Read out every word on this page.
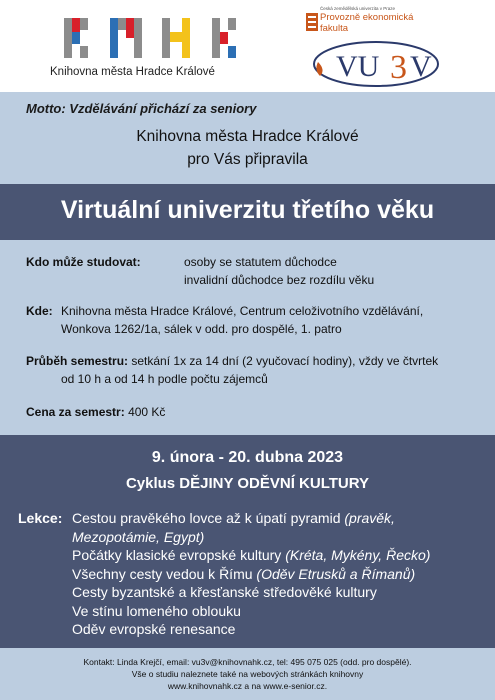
Knihovna města Hradce Králové
Česká zemědělská univerzita v Praze
Provozně ekonomická
fakulta
VU 3 V
Motto: Vzdělávání přichází za seniory
Knihovna města Hradce Králové
pro Vás připravila
Virtuální univerzitu třetího věku
Kdo může studovat:	osoby se statutem důchodce
invalidní důchodce bez rozdílu věku
Kde: Knihovna města Hradce Králové, Centrum celoživotního vzdělávání,
Wonkova 1262/1a, sálek v odd. pro dospělé, 1. patro
Průběh semestru: setkání 1x za 14 dní (2 vyučovací hodiny), vždy ve čtvrtek
od 10 h a od 14 h podle počtu zájemců
Cena za semestr: 400 Kč
9. února - 20. dubna 2023
Cyklus DĚJINY ODĚVNÍ KULTURY
Lekce: Cestou pravěkého lovce až k úpatí pyramid (pravěk, Mezopotámie, Egypt)
Počátky klasické evropské kultury (Kréta, Mykény, Řecko)
Všechny cesty vedou k Římu (Oděv Etrusků a Římanů)
Cesty byzantské a křesťanské středověké kultury
Ve stínu lomeného oblouku
Oděv evropské renesance
Kontakt: Linda Krejčí, email: vu3v@knihovnahk.cz, tel: 495 075 025 (odd. pro dospělé).
Vše o studiu naleznete také na webových stránkách knihovny
www.knihovnahk.cz a na www.e-senior.cz.
